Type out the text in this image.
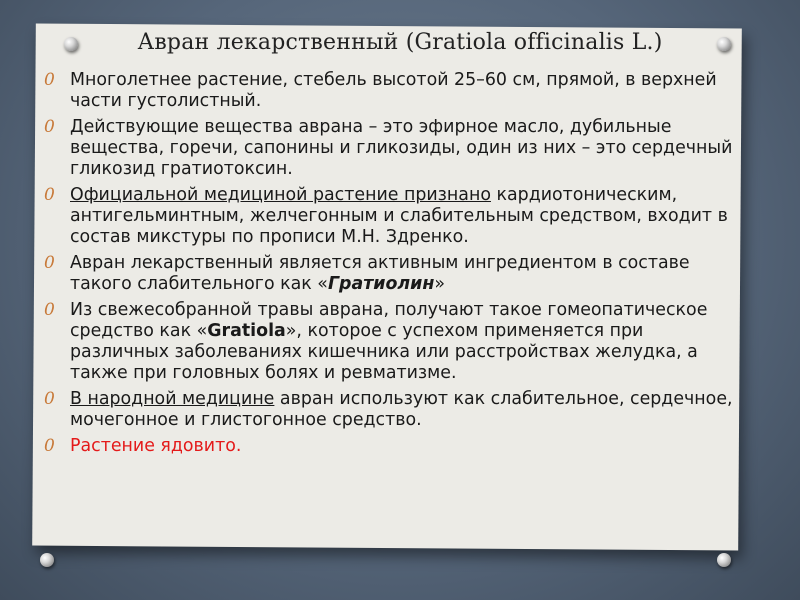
Авран лекарственный (Gratiola officinalis L.)
0 Многолетнее растение, стебель высотой 25–60 см, прямой, в верхней части густолистный.
0 Действующие вещества аврана – это эфирное масло, дубильные вещества, горечи, сапонины и гликозиды, один из них – это сердечный гликозид гратиотоксин.
0 Официальной медициной растение признано кардиотоническим, антигельминтным, желчегонным и слабительным средством, входит в состав микстуры по прописи М.Н. Здренко.
0 Авран лекарственный является активным ингредиентом в составе такого слабительного как «Гратиолин»
0 Из свежесобранной травы аврана, получают такое гомеопатическое средство как «Gratiola», которое с успехом применяется при различных заболеваниях кишечника или расстройствах желудка, а также при головных болях и ревматизме.
0 В народной медицине авран используют как слабительное, сердечное, мочегонное и глистогонное средство.
0 Растение ядовито.
